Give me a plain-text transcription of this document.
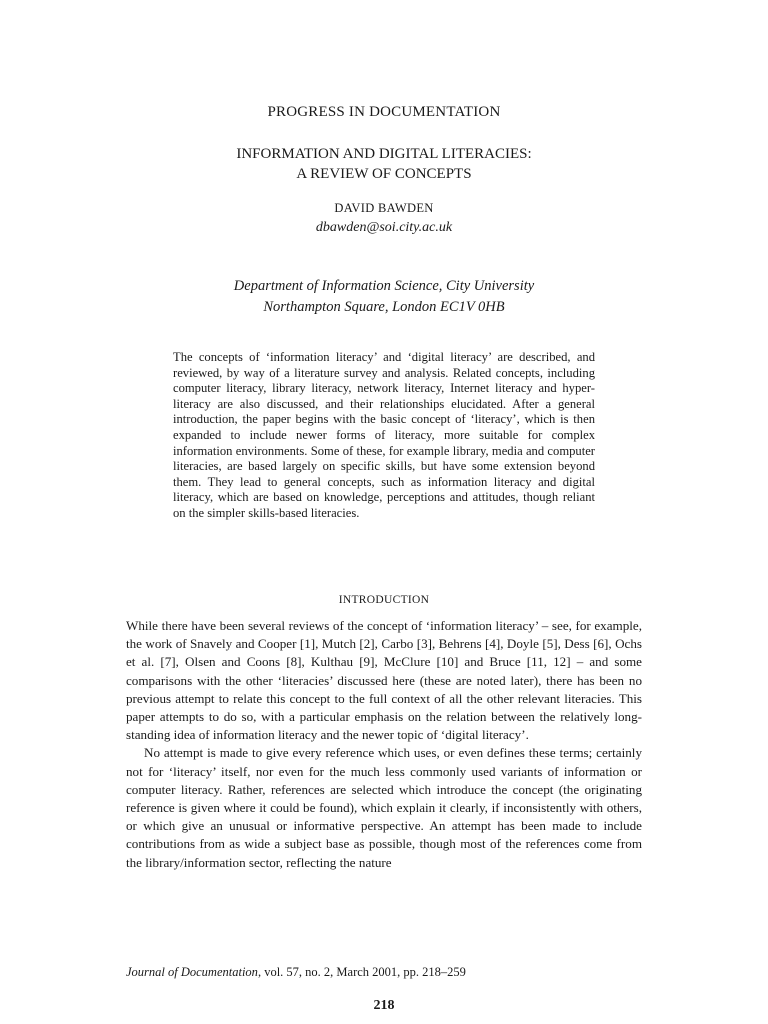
PROGRESS IN DOCUMENTATION
INFORMATION AND DIGITAL LITERACIES:
A REVIEW OF CONCEPTS
DAVID BAWDEN
dbawden@soi.city.ac.uk
Department of Information Science, City University
Northampton Square, London EC1V 0HB
The concepts of ‘information literacy’ and ‘digital literacy’ are described, and reviewed, by way of a literature survey and analysis. Related concepts, including computer literacy, library literacy, network literacy, Internet literacy and hyper-literacy are also discussed, and their relationships elucidated. After a general introduction, the paper begins with the basic concept of ‘literacy’, which is then expanded to include newer forms of literacy, more suitable for complex information environments. Some of these, for example library, media and computer literacies, are based largely on specific skills, but have some extension beyond them. They lead to general concepts, such as information literacy and digital literacy, which are based on knowledge, perceptions and attitudes, though reliant on the simpler skills-based literacies.
INTRODUCTION

While there have been several reviews of the concept of ‘information literacy’ – see, for example, the work of Snavely and Cooper [1], Mutch [2], Carbo [3], Behrens [4], Doyle [5], Dess [6], Ochs et al. [7], Olsen and Coons [8], Kulthau [9], McClure [10] and Bruce [11, 12] – and some comparisons with the other ‘literacies’ discussed here (these are noted later), there has been no previous attempt to relate this concept to the full context of all the other relevant literacies. This paper attempts to do so, with a particular emphasis on the relation between the relatively long-standing idea of information literacy and the newer topic of ‘digital literacy’.

No attempt is made to give every reference which uses, or even defines these terms; certainly not for ‘literacy’ itself, nor even for the much less commonly used variants of information or computer literacy. Rather, references are selected which introduce the concept (the originating reference is given where it could be found), which explain it clearly, if inconsistently with others, or which give an unusual or informative perspective. An attempt has been made to include contributions from as wide a subject base as possible, though most of the references come from the library/information sector, reflecting the nature

Journal of Documentation, vol. 57, no. 2, March 2001, pp. 218–259
218
